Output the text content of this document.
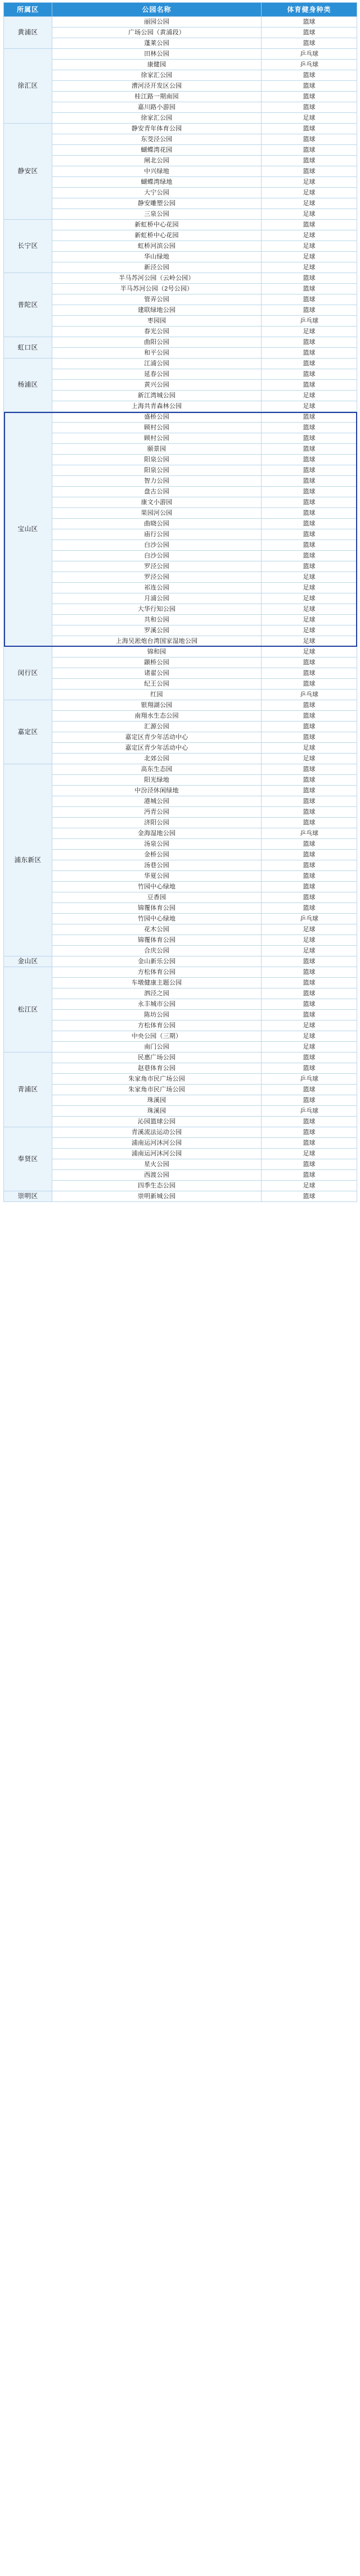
所属区	公园名称	体育健身种类
黄浦区	丽园公园	篮球
	广场公园（黄浦段）	篮球
	蓬莱公园	篮球
徐汇区	田林公园	乒乓球
	康健园	乒乓球
	徐家汇公园	篮球
	漕河泾开发区公园	篮球
	桂江路一期南园	篮球
	嘉川路小游园	篮球
	徐家汇公园	足球
静安区	静安青年体育公园	篮球
	东茭泾公园	篮球
	蝴蝶湾花园	篮球
	闸北公园	篮球
	中兴绿地	篮球
	蝴蝶湾绿地	足球
	大宁公园	足球
	静安雕塑公园	足球
	三泉公园	足球
长宁区	新虹桥中心花园	篮球
	新虹桥中心花园	足球
	虹桥河滨公园	足球
	华山绿地	足球
	新泾公园	足球
普陀区	半马苏河公园（云岭公园）	篮球
	半马苏河公园（2号公园）	篮球
	管弄公园	篮球
	建联绿地公园	篮球
	枣园园	乒乓球
	春光公园	足球
虹口区	曲阳公园	篮球
	和平公园	篮球
杨浦区	江浦公园	篮球
	延春公园	篮球
	黄兴公园	篮球
	新江湾城公园	足球
	上海共青森林公园	足球
宝山区	盛桥公园	篮球
	顾村公园	篮球
	顾村公园	篮球
	颐景园	篮球
	阳泉公园	篮球
	阳泉公园	篮球
	智力公园	篮球
	盘古公园	篮球
	康文小游园	篮球
	果园河公园	篮球
	曲晓公园	篮球
	庙行公园	篮球
	白沙公园	篮球
	白沙公园	篮球
	罗泾公园	篮球
	罗泾公园	足球
	祁连公园	足球
	月浦公园	足球
	大华行知公园	足球
	共和公园	足球
	罗溪公园	足球
	上海吴淞炮台湾国家湿地公园	足球
闵行区	锦和园	足球
	颛桥公园	篮球
	诸翟公园	篮球
	纪王公园	篮球
	红园	乒乓球
嘉定区	银翔湖公园	篮球
	南翔水生态公园	篮球
	汇源公园	篮球
	嘉定区青少年活动中心	篮球
	嘉定区青少年活动中心	足球
	北郊公园	足球
浦东新区	高东生态园	篮球
	阳光绿地	篮球
	中汾泾休闲绿地	篮球
	港城公园	篮球
	沔青公园	篮球
	济阳公园	篮球
	金海湿地公园	乒乓球
	汤泉公园	篮球
	金桥公园	篮球
	汤巷公园	篮球
	华夏公园	篮球
	竹园中心绿地	篮球
	豆香园	篮球
	锦覆体育公园	篮球
	竹园中心绿地	乒乓球
	花木公园	足球
	锦覆体育公园	足球
	合庆公园	足球
金山区	金山新乐公园	篮球
松江区	方松体育公园	篮球
	车墩健康主题公园	篮球
	泗泾之园	篮球
	永丰城市公园	篮球
	陈坊公园	篮球
	方松体育公园	足球
	中央公园（三期）	足球
	南门公园	足球
青浦区	民惠广场公园	篮球
	赵巷体育公园	篮球
	朱家角市民广场公园	乒乓球
	朱家角市民广场公园	篮球
	珠溪园	篮球
	珠溪园	乒乓球
	沁园篮球公园	篮球
奉贤区	青溪流法运动公园	篮球
	浦南运河沐河公园	篮球
	浦南运河沐河公园	足球
	星火公园	篮球
	西渡公园	篮球
	四季生态公园	足球
崇明区	崇明新城公园	篮球
